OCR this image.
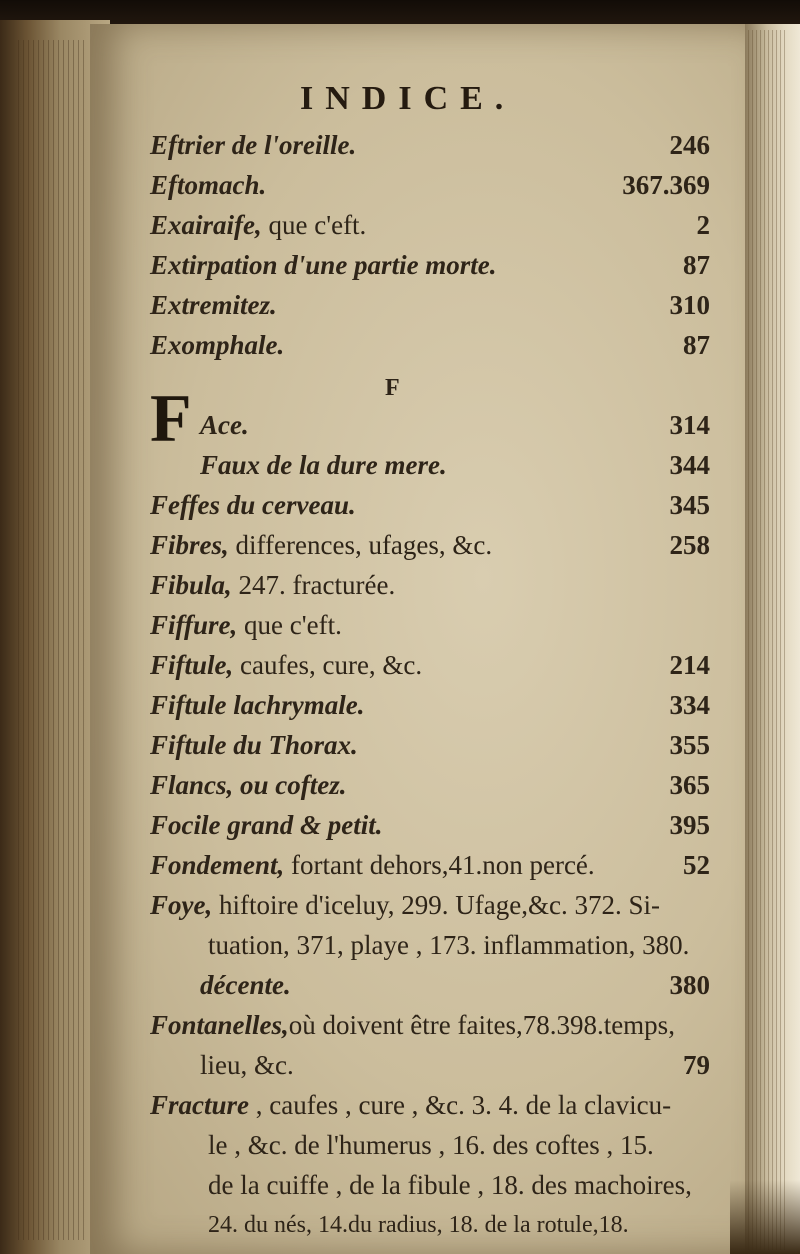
INDICE.
Eftrier de l'oreille.	246
Eftomach.	367.369
Exairaife, que c'eft.	2
Extirpation d'une partie morte.	87
Extremitez.	310
Exomphale.	87
F
F Ace.	314
Faux de la dure mere.	344
Feffes du cerveau.	345
Fibres, differences, ufages, &c.	258
Fibula, 247. fracturée.
Fiffure, que c'eft.
Fiftule, caufes, cure, &c.	214
Fiftule lachrymale.	334
Fiftule du Thorax.	355
Flancs, ou coftez.	365
Focile grand & petit.	395
Fondement, fortant dehors,41.non percé.	52
Foye, hiftoire d'iceluy, 299. Ufage,&c. 372. Si-
tuation, 371, playe , 173. inflammation, 380.
décente.	380
Fontanelles,où doivent être faites,78.398.temps,
lieu, &c.	79
Fracture , caufes , cure , &c. 3. 4. de la clavicu-
le , &c. de l'humerus , 16. des coftes , 15.
de la cuiffe , de la fibule , 18. des machoires,
24. du nés, 14.du radius, 18. de la rotule,18.
